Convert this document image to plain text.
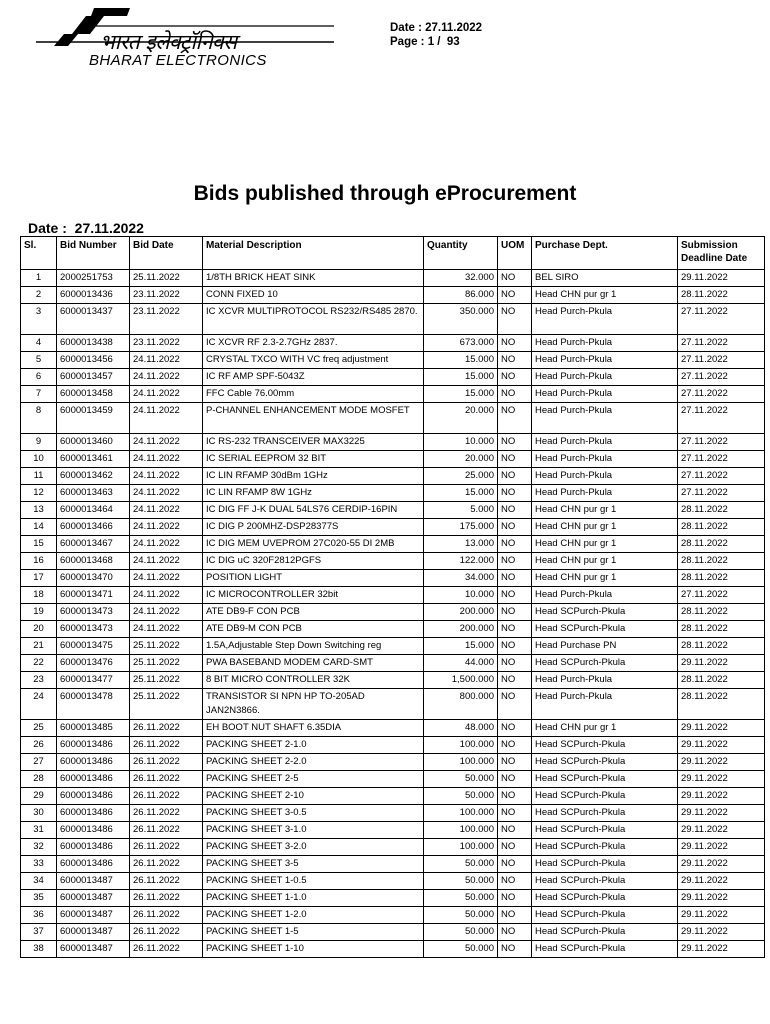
भारत इलेक्ट्रॉनिक्स
BHARAT ELECTRONICS
Date : 27.11.2022
Page : 1 /  93
Bids published through eProcurement
Date :  27.11.2022
Sl.	Bid Number	Bid Date	Material Description	Quantity	UOM	Purchase Dept.	Submission Deadline Date
1	2000251753	25.11.2022	1/8TH BRICK HEAT SINK	32.000	NO	BEL SIRO	29.11.2022
2	6000013436	23.11.2022	CONN FIXED 10	86.000	NO	Head CHN pur gr 1	28.11.2022
3	6000013437	23.11.2022	IC XCVR MULTIPROTOCOL RS232/RS485 2870.	350.000	NO	Head Purch-Pkula	27.11.2022
4	6000013438	23.11.2022	IC XCVR RF 2.3-2.7GHz 2837.	673.000	NO	Head Purch-Pkula	27.11.2022
5	6000013456	24.11.2022	CRYSTAL TXCO WITH VC freq adjustment	15.000	NO	Head Purch-Pkula	27.11.2022
6	6000013457	24.11.2022	IC RF AMP SPF-5043Z	15.000	NO	Head Purch-Pkula	27.11.2022
7	6000013458	24.11.2022	FFC Cable 76.00mm	15.000	NO	Head Purch-Pkula	27.11.2022
8	6000013459	24.11.2022	P-CHANNEL ENHANCEMENT MODE MOSFET	20.000	NO	Head Purch-Pkula	27.11.2022
9	6000013460	24.11.2022	IC RS-232 TRANSCEIVER MAX3225	10.000	NO	Head Purch-Pkula	27.11.2022
10	6000013461	24.11.2022	IC SERIAL EEPROM 32 BIT	20.000	NO	Head Purch-Pkula	27.11.2022
11	6000013462	24.11.2022	IC LIN RFAMP 30dBm 1GHz	25.000	NO	Head Purch-Pkula	27.11.2022
12	6000013463	24.11.2022	IC LIN RFAMP 8W 1GHz	15.000	NO	Head Purch-Pkula	27.11.2022
13	6000013464	24.11.2022	IC DIG FF J-K DUAL 54LS76 CERDIP-16PIN	5.000	NO	Head CHN pur gr 1	28.11.2022
14	6000013466	24.11.2022	IC DIG P 200MHZ-DSP28377S	175.000	NO	Head CHN pur gr 1	28.11.2022
15	6000013467	24.11.2022	IC DIG MEM UVEPROM 27C020-55 DI 2MB	13.000	NO	Head CHN pur gr 1	28.11.2022
16	6000013468	24.11.2022	IC DIG uC 320F2812PGFS	122.000	NO	Head CHN pur gr 1	28.11.2022
17	6000013470	24.11.2022	POSITION LIGHT	34.000	NO	Head CHN pur gr 1	28.11.2022
18	6000013471	24.11.2022	IC MICROCONTROLLER 32bit	10.000	NO	Head Purch-Pkula	27.11.2022
19	6000013473	24.11.2022	ATE DB9-F CON PCB	200.000	NO	Head SCPurch-Pkula	28.11.2022
20	6000013473	24.11.2022	ATE DB9-M CON PCB	200.000	NO	Head SCPurch-Pkula	28.11.2022
21	6000013475	25.11.2022	1.5A,Adjustable Step Down Switching reg	15.000	NO	Head Purchase PN	28.11.2022
22	6000013476	25.11.2022	PWA BASEBAND MODEM CARD-SMT	44.000	NO	Head SCPurch-Pkula	29.11.2022
23	6000013477	25.11.2022	8 BIT MICRO CONTROLLER 32K	1,500.000	NO	Head Purch-Pkula	28.11.2022
24	6000013478	25.11.2022	TRANSISTOR SI NPN HP TO-205AD JAN2N3866.	800.000	NO	Head Purch-Pkula	28.11.2022
25	6000013485	26.11.2022	EH BOOT NUT SHAFT 6.35DIA	48.000	NO	Head CHN pur gr 1	29.11.2022
26	6000013486	26.11.2022	PACKING SHEET 2-1.0	100.000	NO	Head SCPurch-Pkula	29.11.2022
27	6000013486	26.11.2022	PACKING SHEET 2-2.0	100.000	NO	Head SCPurch-Pkula	29.11.2022
28	6000013486	26.11.2022	PACKING SHEET 2-5	50.000	NO	Head SCPurch-Pkula	29.11.2022
29	6000013486	26.11.2022	PACKING SHEET 2-10	50.000	NO	Head SCPurch-Pkula	29.11.2022
30	6000013486	26.11.2022	PACKING SHEET 3-0.5	100.000	NO	Head SCPurch-Pkula	29.11.2022
31	6000013486	26.11.2022	PACKING SHEET 3-1.0	100.000	NO	Head SCPurch-Pkula	29.11.2022
32	6000013486	26.11.2022	PACKING SHEET 3-2.0	100.000	NO	Head SCPurch-Pkula	29.11.2022
33	6000013486	26.11.2022	PACKING SHEET 3-5	50.000	NO	Head SCPurch-Pkula	29.11.2022
34	6000013487	26.11.2022	PACKING SHEET 1-0.5	50.000	NO	Head SCPurch-Pkula	29.11.2022
35	6000013487	26.11.2022	PACKING SHEET 1-1.0	50.000	NO	Head SCPurch-Pkula	29.11.2022
36	6000013487	26.11.2022	PACKING SHEET 1-2.0	50.000	NO	Head SCPurch-Pkula	29.11.2022
37	6000013487	26.11.2022	PACKING SHEET 1-5	50.000	NO	Head SCPurch-Pkula	29.11.2022
38	6000013487	26.11.2022	PACKING SHEET 1-10	50.000	NO	Head SCPurch-Pkula	29.11.2022
